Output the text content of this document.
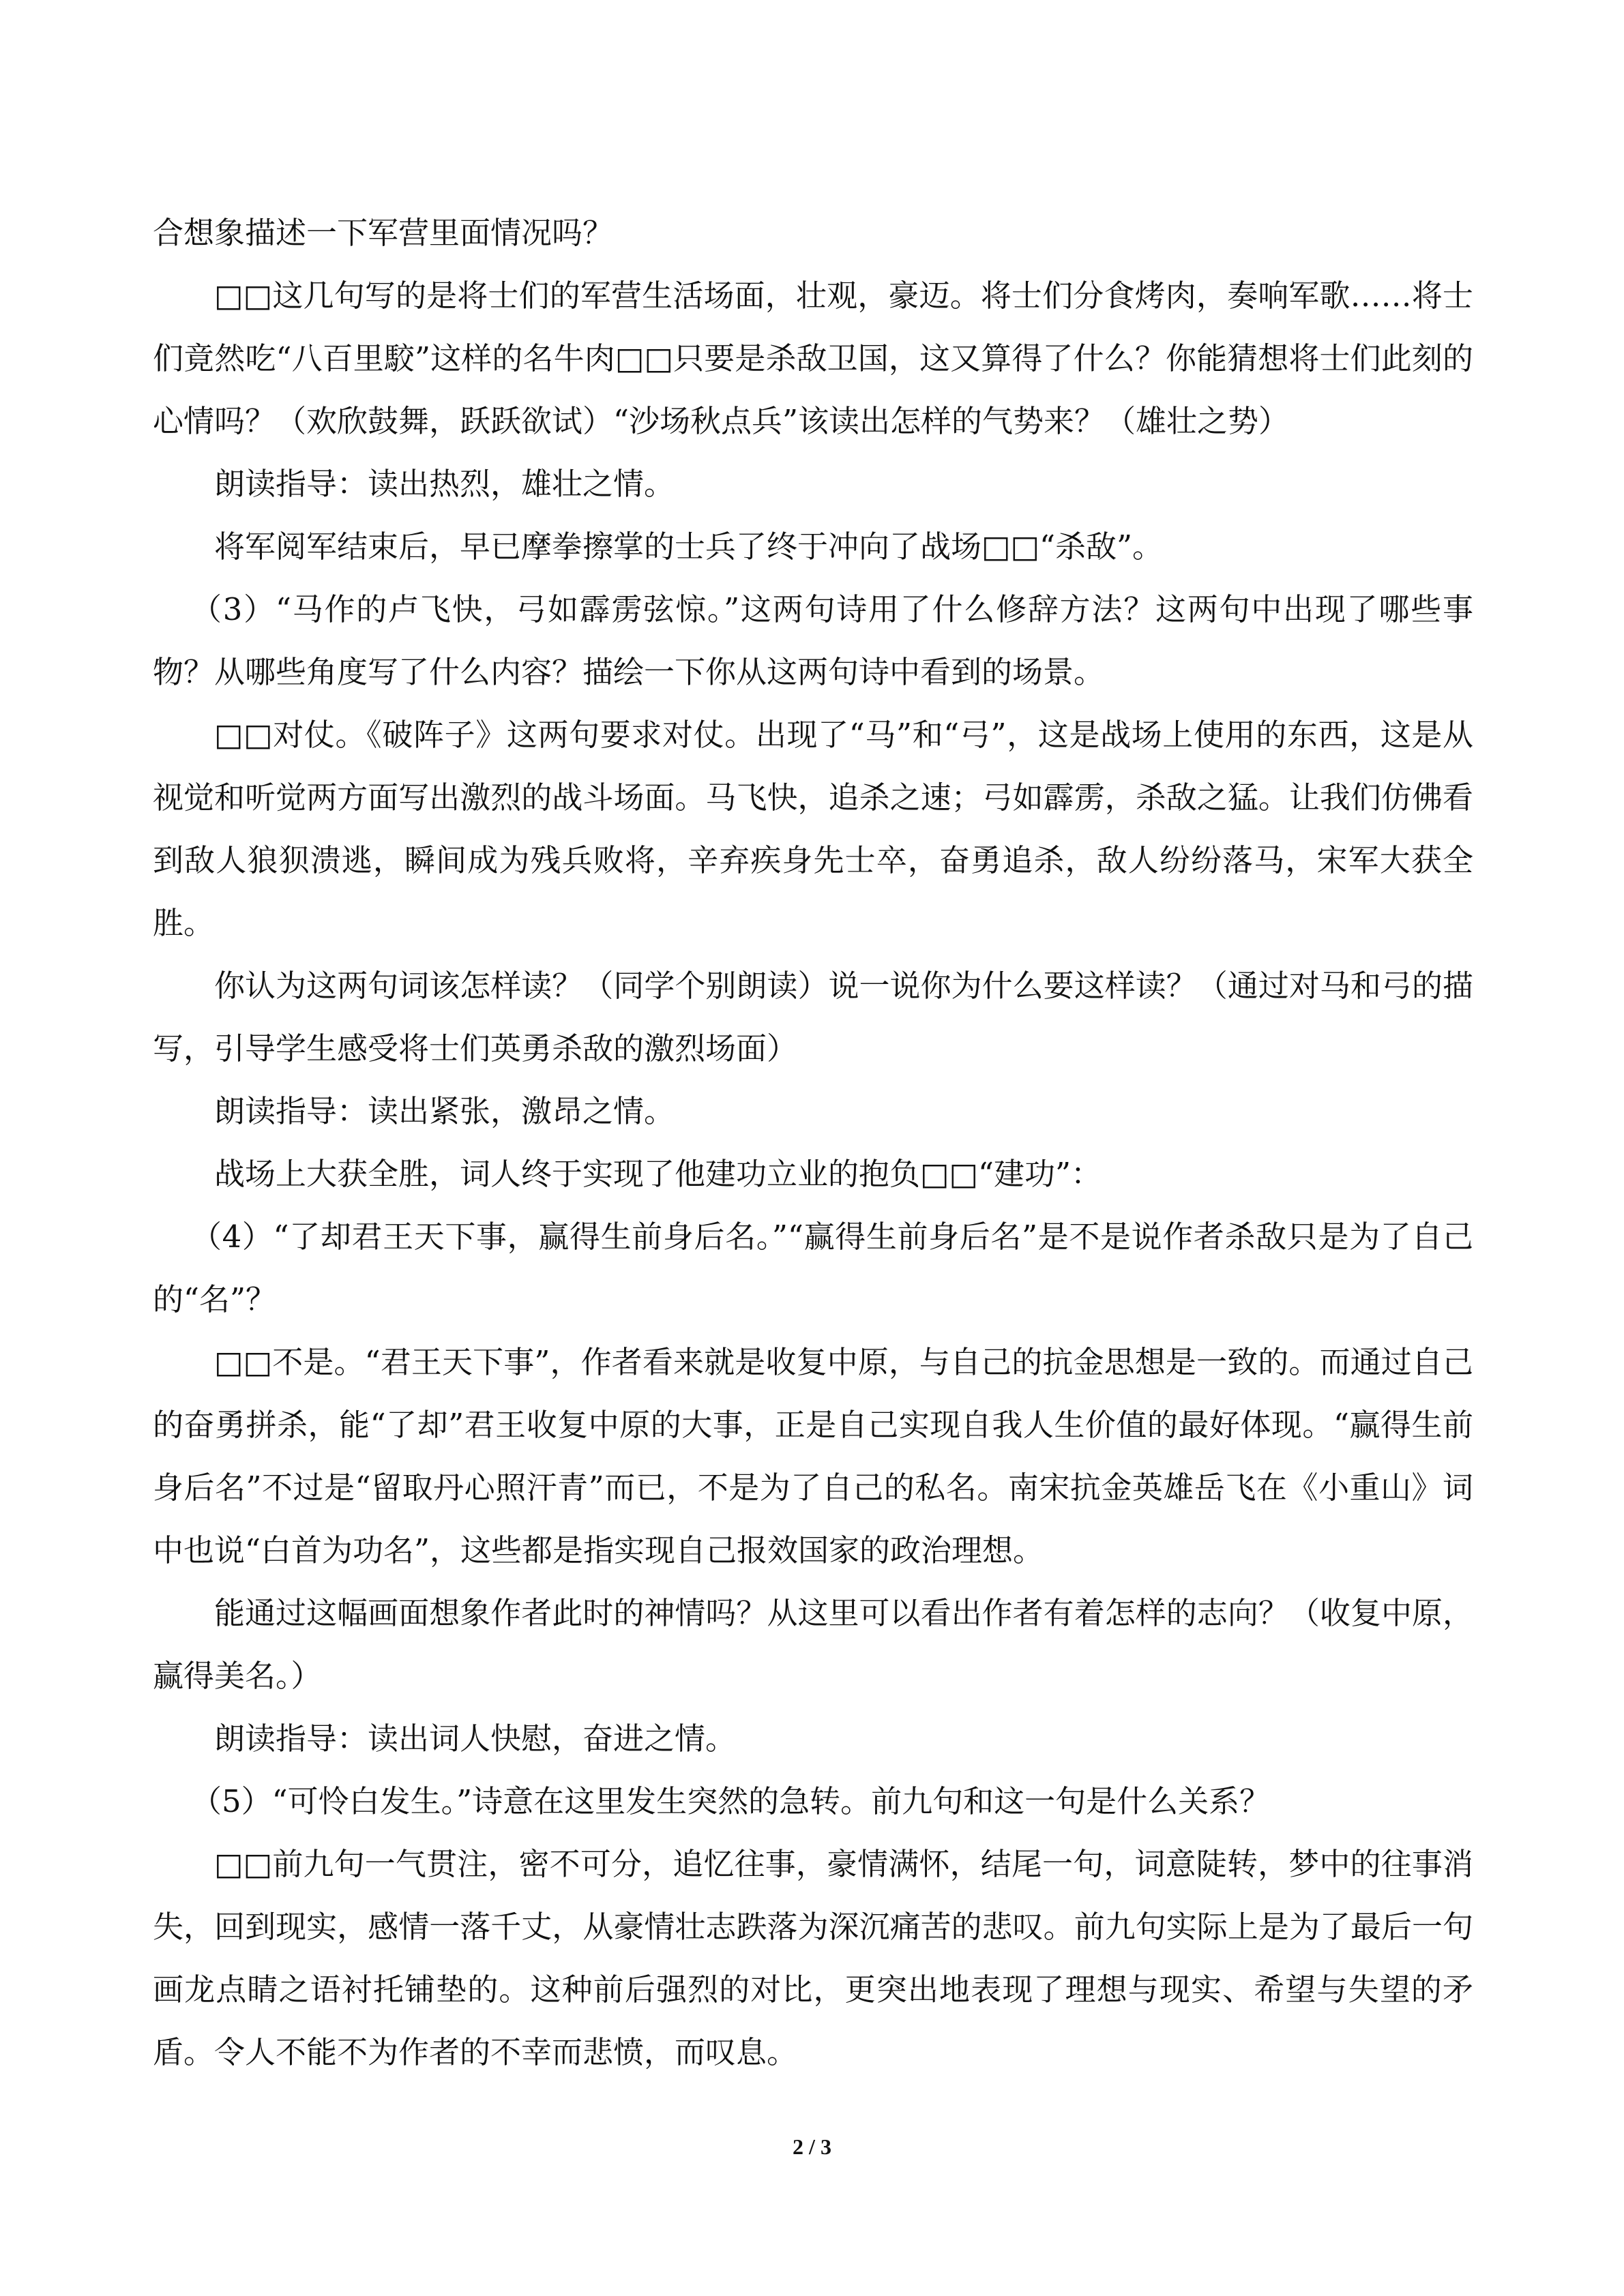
合想象描述一下军营里面情况吗？

□□这几句写的是将士们的军营生活场面，壮观，豪迈。将士们分食烤肉，奏响军歌……将士们竟然吃“八百里駮”这样的名牛肉□□只要是杀敌卫国，这又算得了什么？你能猜想将士们此刻的心情吗？（欢欣鼓舞，跃跃欲试）“沙场秋点兵”该读出怎样的气势来？（雄壮之势）

朗读指导：读出热烈，雄壮之情。

将军阅军结束后，早已摩拳擦掌的士兵了终于冲向了战场□□“杀敌”。

（3）“马作的卢飞快，弓如霹雳弦惊。”这两句诗用了什么修辞方法？这两句中出现了哪些事物？从哪些角度写了什么内容？描绘一下你从这两句诗中看到的场景。

□□对仗。《破阵子》这两句要求对仗。出现了“马”和“弓”，这是战场上使用的东西，这是从视觉和听觉两方面写出激烈的战斗场面。马飞快，追杀之速；弓如霹雳，杀敌之猛。让我们仿佛看到敌人狼狈溃逃，瞬间成为残兵败将，辛弃疾身先士卒，奋勇追杀，敌人纷纷落马，宋军大获全胜。

你认为这两句词该怎样读？（同学个别朗读）说一说你为什么要这样读？（通过对马和弓的描写，引导学生感受将士们英勇杀敌的激烈场面）

朗读指导：读出紧张，激昂之情。

战场上大获全胜，词人终于实现了他建功立业的抱负□□“建功”：

（4）“了却君王天下事，赢得生前身后名。”“赢得生前身后名”是不是说作者杀敌只是为了自己的“名”？

□□不是。“君王天下事”，作者看来就是收复中原，与自己的抗金思想是一致的。而通过自己的奋勇拼杀，能“了却”君王收复中原的大事，正是自己实现自我人生价值的最好体现。“赢得生前身后名”不过是“留取丹心照汗青”而已，不是为了自己的私名。南宋抗金英雄岳飞在《小重山》词中也说“白首为功名”，这些都是指实现自己报效国家的政治理想。

能通过这幅画面想象作者此时的神情吗？从这里可以看出作者有着怎样的志向？（收复中原，赢得美名。）

朗读指导：读出词人快慰，奋进之情。

（5）“可怜白发生。”诗意在这里发生突然的急转。前九句和这一句是什么关系？

□□前九句一气贯注，密不可分，追忆往事，豪情满怀，结尾一句，词意陡转，梦中的往事消失，回到现实，感情一落千丈，从豪情壮志跌落为深沉痛苦的悲叹。前九句实际上是为了最后一句画龙点睛之语衬托铺垫的。这种前后强烈的对比，更突出地表现了理想与现实、希望与失望的矛盾。令人不能不为作者的不幸而悲愤，而叹息。

2 / 3
